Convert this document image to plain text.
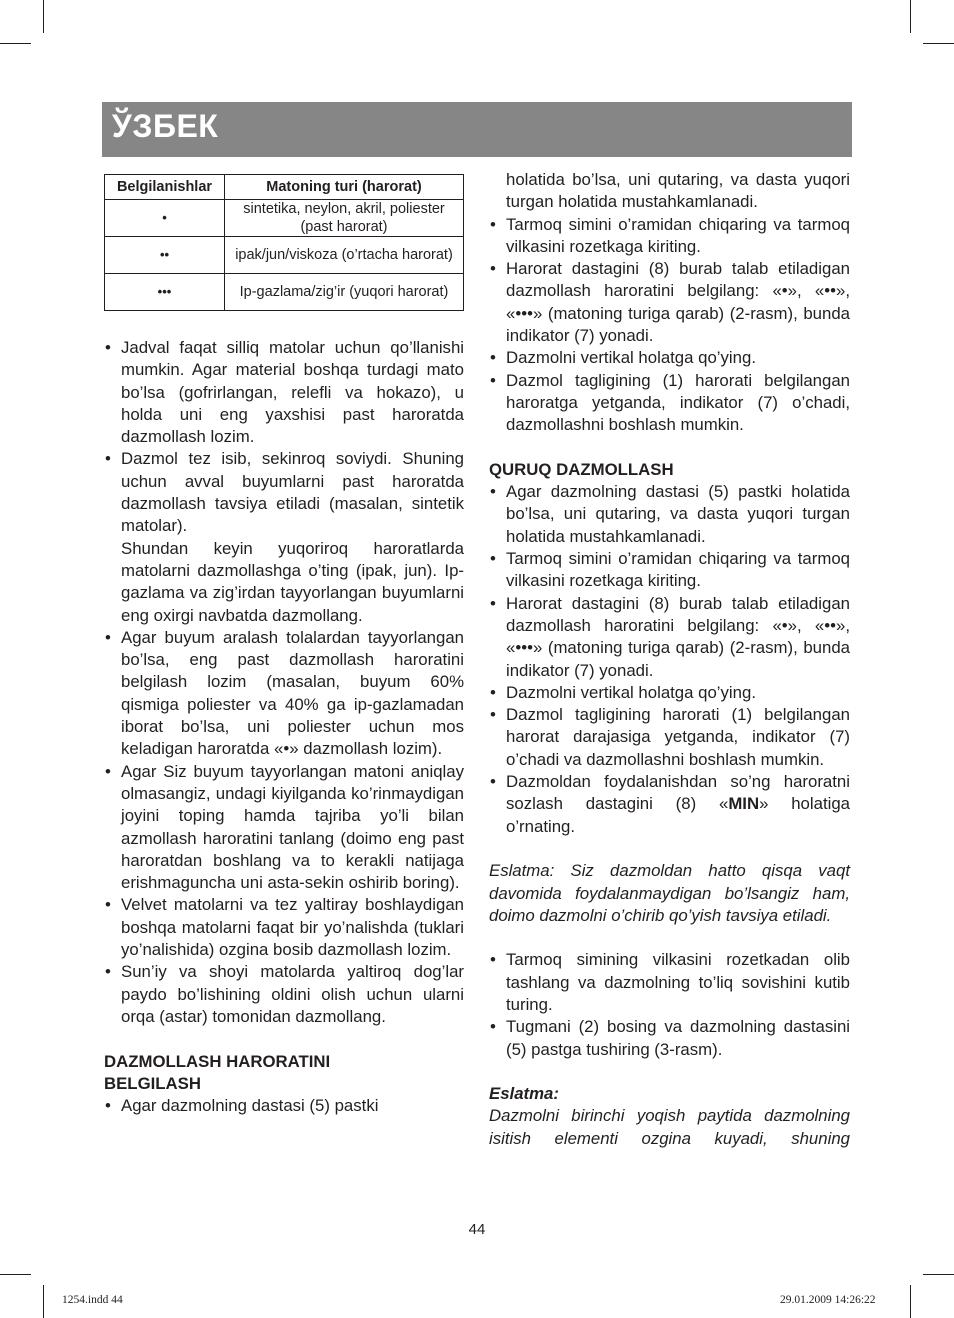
ЎЗБЕК
Belgilanishlar	Matoning turi (harorat)
•	sintetika, neylon, akril, poliester (past harorat)
••	ipak/jun/viskoza (o’rtacha harorat)
•••	Ip-gazlama/zig’ir (yuqori harorat)
• Jadval faqat silliq matolar uchun qo’llanishi mumkin. Agar material boshqa turdagi mato bo’lsa (gofrirlangan, relefli va hokazo), u holda uni eng yaxshisi past haroratda dazmollash lozim.
• Dazmol tez isib, sekinroq soviydi. Shuning uchun avval buyumlarni past haroratda dazmollash tavsiya etiladi (masalan, sintetik matolar).
Shundan keyin yuqoriroq haroratlarda matolarni dazmollashga o’ting (ipak, jun). Ip-gazlama va zig’irdan tayyorlangan buyumlarni eng oxirgi navbatda dazmollang.
• Agar buyum aralash tolalardan tayyorlangan bo’lsa, eng past dazmollash haroratini belgilash lozim (masalan, buyum 60% qismiga poliester va 40% ga ip-gazlamadan iborat bo’lsa, uni poliester uchun mos keladigan haroratda «•» dazmollash lozim).
• Agar Siz buyum tayyorlangan matoni aniqlay olmasangiz, undagi kiyilganda ko’rinmaydigan joyini toping hamda tajriba yo’li bilan azmollash haroratini tanlang (doimo eng past haroratdan boshlang va to kerakli natijaga erishmaguncha uni asta-sekin oshirib boring).
• Velvet matolarni va tez yaltiray boshlaydigan boshqa matolarni faqat bir yo’nalishda (tuklari yo’nalishida) ozgina bosib dazmollash lozim.
• Sun’iy va shoyi matolarda yaltiroq dog’lar paydo bo’lishining oldini olish uchun ularni orqa (astar) tomonidan dazmollang.

DAZMOLLASH HARORATINI
BELGILASH

• Agar dazmolning dastasi (5) pastki
holatida bo’lsa, uni qutaring, va dasta yuqori turgan holatida mustahkamlanadi.
• Tarmoq simini o’ramidan chiqaring va tarmoq vilkasini rozetkaga kiriting.
• Harorat dastagini (8) burab talab etiladigan dazmollash haroratini belgilang: «•», «••», «•••» (matoning turiga qarab) (2-rasm), bunda indikator (7) yonadi.
• Dazmolni vertikal holatga qo’ying.
• Dazmol tagligining (1) harorati belgilangan haroratga yetganda, indikator (7) o’chadi, dazmollashni boshlash mumkin.

QURUQ DAZMOLLASH

• Agar dazmolning dastasi (5) pastki holatida bo’lsa, uni qutaring, va dasta yuqori turgan holatida mustahkamlanadi.
• Tarmoq simini o’ramidan chiqaring va tarmoq vilkasini rozetkaga kiriting.
• Harorat dastagini (8) burab talab etiladigan dazmollash haroratini belgilang: «•», «••», «•••» (matoning turiga qarab) (2-rasm), bunda indikator (7) yonadi.
• Dazmolni vertikal holatga qo’ying.
• Dazmol tagligining harorati (1) belgilangan harorat darajasiga yetganda, indikator (7) o’chadi va dazmollashni boshlash mumkin.
• Dazmoldan foydalanishdan so’ng haroratni sozlash dastagini (8) «MIN» holatiga o’rnating.

Eslatma: Siz dazmoldan hatto qisqa vaqt davomida foydalanmaydigan bo’lsangiz ham, doimo dazmolni o’chirib qo’yish tavsiya etiladi.

• Tarmoq simining vilkasini rozetkadan olib tashlang va dazmolning to’liq sovishini kutib turing.
• Tugmani (2) bosing va dazmolning dastasini (5) pastga tushiring (3-rasm).

Eslatma:

Dazmolni birinchi yoqish paytida dazmolning isitish elementi ozgina kuyadi, shuning

44
1254.indd 44	29.01.2009 14:26:22
